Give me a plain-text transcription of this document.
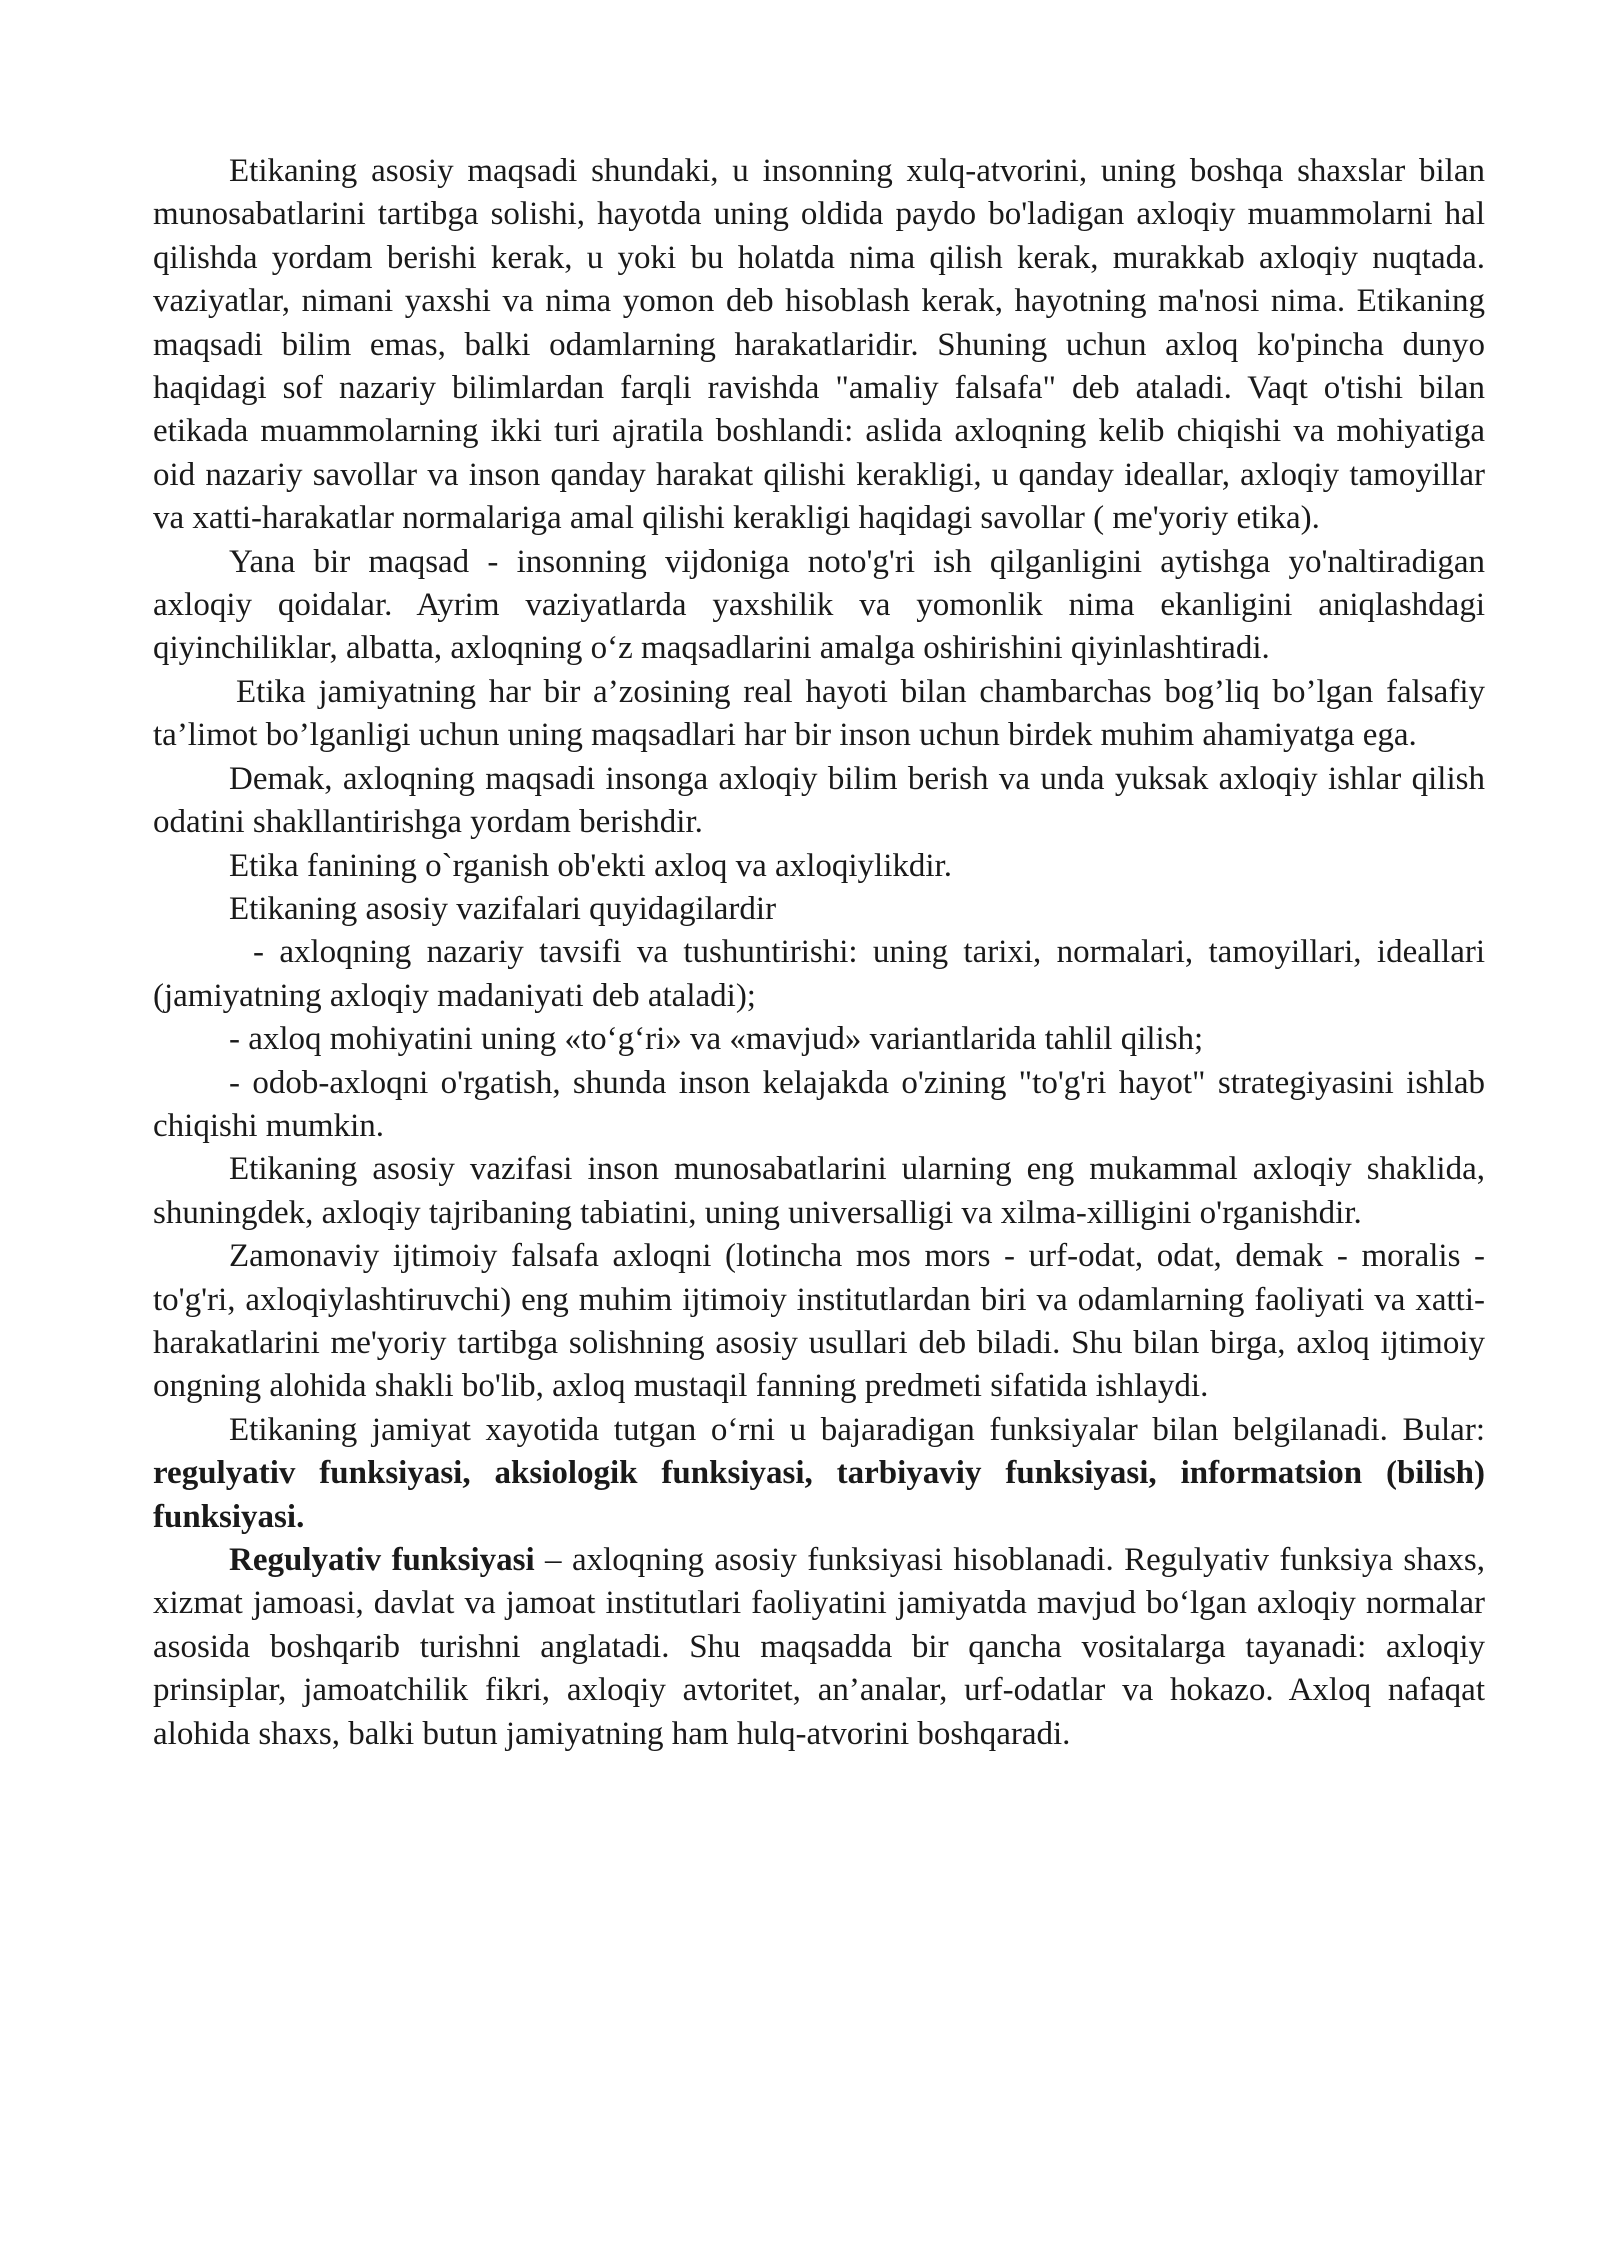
Etikaning asosiy maqsadi shundaki, u insonning xulq-atvorini, uning boshqa shaxslar bilan munosabatlarini tartibga solishi, hayotda uning oldida paydo bo'ladigan axloqiy muammolarni hal qilishda yordam berishi kerak, u yoki bu holatda nima qilish kerak, murakkab axloqiy nuqtada. vaziyatlar, nimani yaxshi va nima yomon deb hisoblash kerak, hayotning ma'nosi nima. Etikaning maqsadi bilim emas, balki odamlarning harakatlaridir. Shuning uchun axloq ko'pincha dunyo haqidagi sof nazariy bilimlardan farqli ravishda "amaliy falsafa" deb ataladi. Vaqt o'tishi bilan etikada muammolarning ikki turi ajratila boshlandi: aslida axloqning kelib chiqishi va mohiyatiga oid nazariy savollar va inson qanday harakat qilishi kerakligi, u qanday ideallar, axloqiy tamoyillar va xatti-harakatlar normalariga amal qilishi kerakligi haqidagi savollar ( me'yoriy etika).

Yana bir maqsad - insonning vijdoniga noto'g'ri ish qilganligini aytishga yo'naltiradigan axloqiy qoidalar. Ayrim vaziyatlarda yaxshilik va yomonlik nima ekanligini aniqlashdagi qiyinchiliklar, albatta, axloqning oʻz maqsadlarini amalga oshirishini qiyinlashtiradi.

Etika jamiyatning har bir a’zosining real hayoti bilan chambarchas bog’liq bo’lgan falsafiy ta’limot bo’lganligi uchun uning maqsadlari har bir inson uchun birdek muhim ahamiyatga ega.

Demak, axloqning maqsadi insonga axloqiy bilim berish va unda yuksak axloqiy ishlar qilish odatini shakllantirishga yordam berishdir.

Etika fanining o`rganish ob'ekti axloq va axloqiylikdir.

Etikaning asosiy vazifalari quyidagilardir

- axloqning nazariy tavsifi va tushuntirishi: uning tarixi, normalari, tamoyillari, ideallari (jamiyatning axloqiy madaniyati deb ataladi);

- axloq mohiyatini uning «toʻgʻri» va «mavjud» variantlarida tahlil qilish;

- odob-axloqni o'rgatish, shunda inson kelajakda o'zining "to'g'ri hayot" strategiyasini ishlab chiqishi mumkin.

Etikaning asosiy vazifasi inson munosabatlarini ularning eng mukammal axloqiy shaklida, shuningdek, axloqiy tajribaning tabiatini, uning universalligi va xilma-xilligini o'rganishdir.

Zamonaviy ijtimoiy falsafa axloqni (lotincha mos mors - urf-odat, odat, demak - moralis - to'g'ri, axloqiylashtiruvchi) eng muhim ijtimoiy institutlardan biri va odamlarning faoliyati va xatti-harakatlarini me'yoriy tartibga solishning asosiy usullari deb biladi. Shu bilan birga, axloq ijtimoiy ongning alohida shakli bo'lib, axloq mustaqil fanning predmeti sifatida ishlaydi.

Etikaning jamiyat xayotida tutgan oʻrni u bajaradigan funksiyalar bilan belgilanadi. Bular: regulyativ funksiyasi, aksiologik funksiyasi, tarbiyaviy funksiyasi, informatsion (bilish) funksiyasi.

Regulyativ funksiyasi – axloqning asosiy funksiyasi hisoblanadi. Regulyativ funksiya shaxs, xizmat jamoasi, davlat va jamoat institutlari faoliyatini jamiyatda mavjud boʻlgan axloqiy normalar asosida boshqarib turishni anglatadi. Shu maqsadda bir qancha vositalarga tayanadi: axloqiy prinsiplar, jamoatchilik fikri, axloqiy avtoritet, an’analar, urf-odatlar va hokazo. Axloq nafaqat alohida shaxs, balki butun jamiyatning ham hulq-atvorini boshqaradi.
